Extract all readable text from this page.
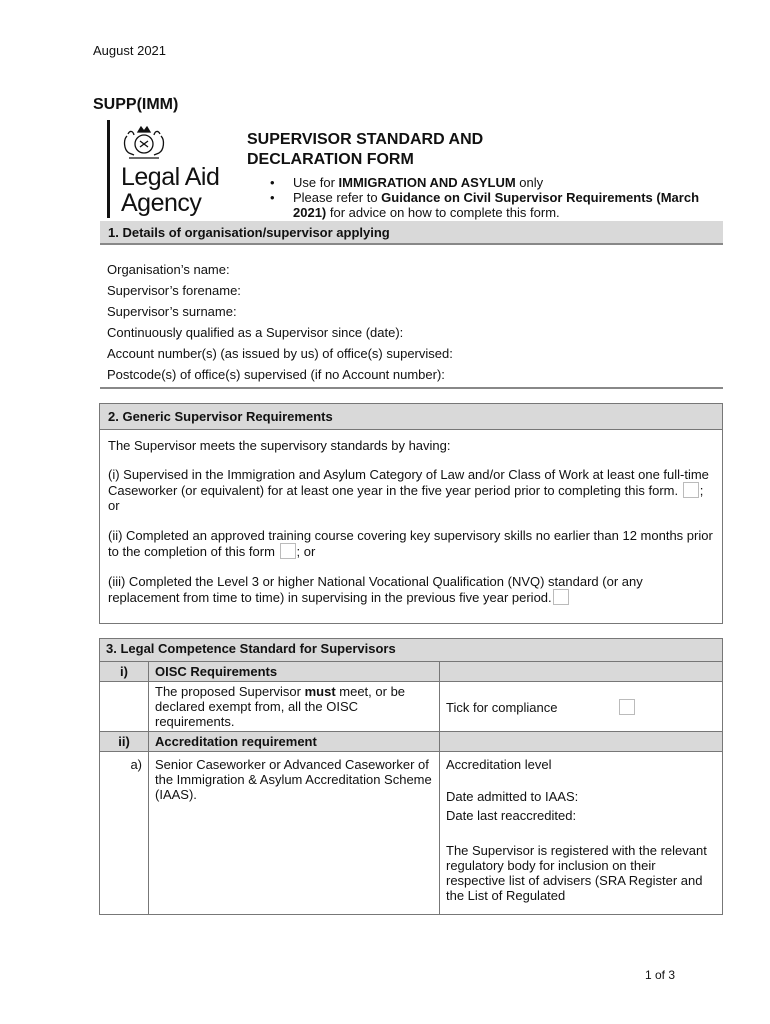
August 2021
SUPP(IMM)
Legal Aid
Agency
SUPERVISOR STANDARD AND
DECLARATION FORM
• Use for IMMIGRATION AND ASYLUM only
• Please refer to Guidance on Civil Supervisor Requirements (March 2021) for advice on how to complete this form.
1. Details of organisation/supervisor applying
Organisation’s name:
Supervisor’s forename:
Supervisor’s surname:
Continuously qualified as a Supervisor since (date):
Account number(s) (as issued by us) of office(s) supervised:
Postcode(s) of office(s) supervised (if no Account number):
2. Generic Supervisor Requirements

The Supervisor meets the supervisory standards by having:

(i) Supervised in the Immigration and Asylum Category of Law and/or Class of Work at least one full-time Caseworker (or equivalent) for at least one year in the five year period prior to completing this form. ; or

(ii) Completed an approved training course covering key supervisory skills no earlier than 12 months prior to the completion of this form ; or

(iii) Completed the Level 3 or higher National Vocational Qualification (NVQ) standard (or any replacement from time to time) in supervising in the previous five year period.

3. Legal Competence Standard for Supervisors		
i)	OISC Requirements	
	The proposed Supervisor must meet, or be declared exempt from, all the OISC requirements.	Tick for compliance
ii)	Accreditation requirement	
a)	Senior Caseworker or Advanced Caseworker of the Immigration & Asylum Accreditation Scheme (IAAS).	Accreditation level
Date admitted to IAAS:
Date last reaccredited:
The Supervisor is registered with the relevant regulatory body for inclusion on their respective list of advisers (SRA Register and the List of Regulated
1 of 3
